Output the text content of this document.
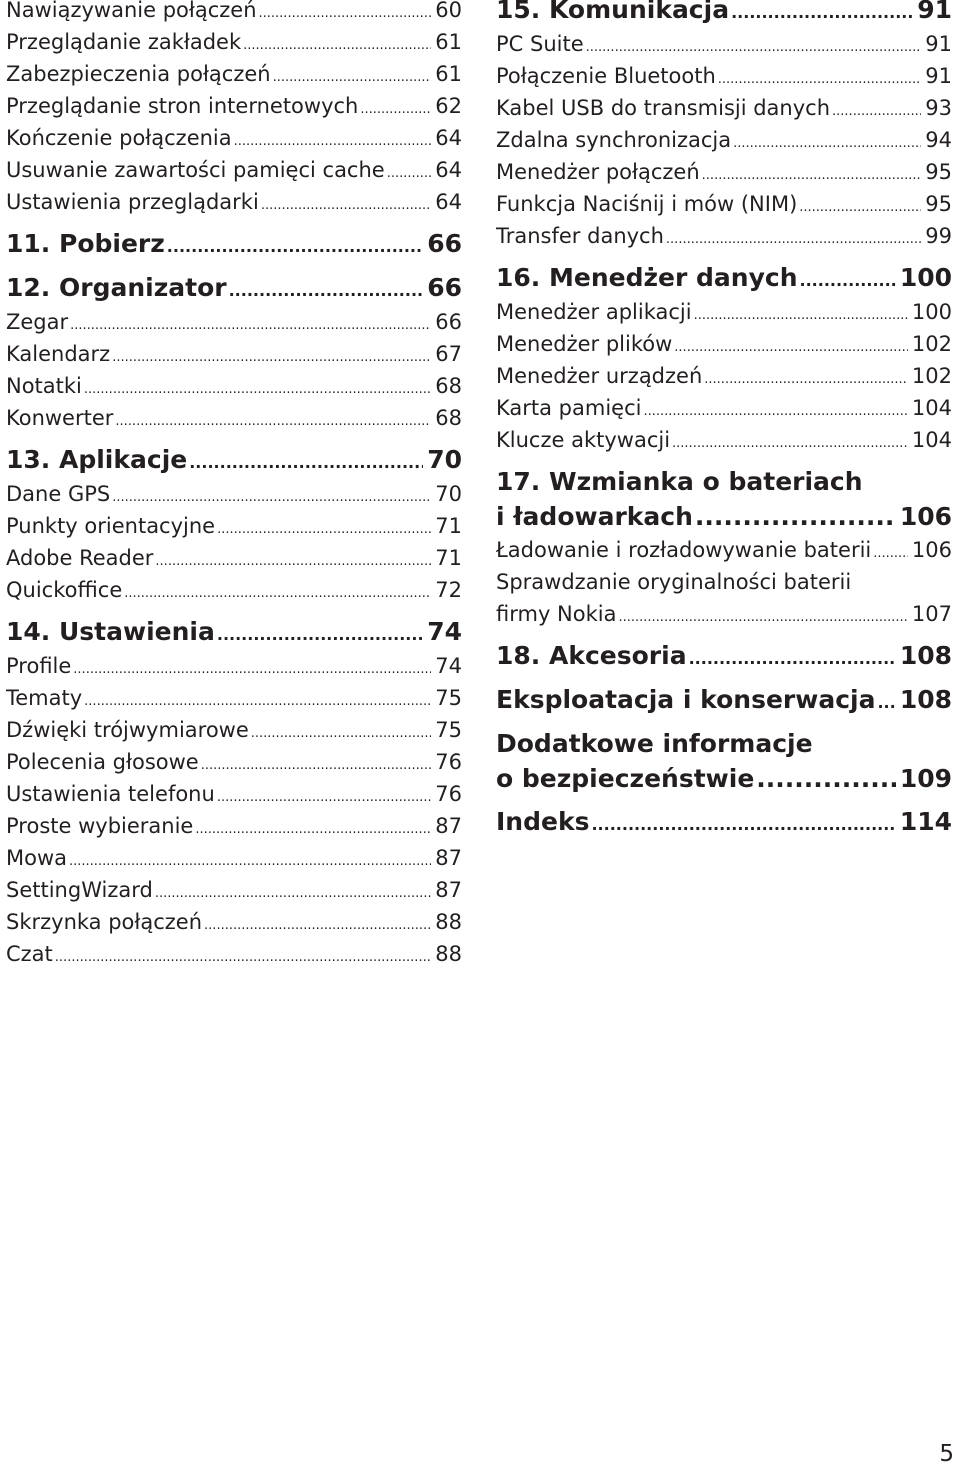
Nawiązywanie połączeń .....	60
Przeglądanie zakładek .....	61
Zabezpieczenia połączeń .....	61
Przeglądanie stron internetowych .....	62
Kończenie połączenia .....	64
Usuwanie zawartości pamięci cache ..... 64
Ustawienia przeglądarki .....	64
11. Pobierz .....	66
12. Organizator .....	66
Zegar .....	66
Kalendarz .....	67
Notatki .....	68
Konwerter .....	68
13. Aplikacje .....	70
Dane GPS .....	70
Punkty orientacyjne .....	71
Adobe Reader .....	71
Quickoffice .....	72
14. Ustawienia .....	74
Profile .....	74
Tematy .....	75
Dźwięki trójwymiarowe .....	75
Polecenia głosowe .....	76
Ustawienia telefonu .....	76
Proste wybieranie .....	87
Mowa .....	87
SettingWizard .....	87
Skrzynka połączeń .....	88
Czat .....	88
15. Komunikacja .....	91
PC Suite .....	91
Połączenie Bluetooth .....	91
Kabel USB do transmisji danych .....	93
Zdalna synchronizacja .....	94
Menedżer połączeń .....	95
Funkcja Naciśnij i mów (NIM) .....	95
Transfer danych .....	99
16. Menedżer danych .....	100
Menedżer aplikacji .....	100
Menedżer plików .....	102
Menedżer urządzeń .....	102
Karta pamięci .....	104
Klucze aktywacji .....	104
17. Wzmianka o bateriach
i ładowarkach .....	106
Ładowanie i rozładowywanie baterii ..... 106
Sprawdzanie oryginalności baterii
firmy Nokia .....	107
18. Akcesoria .....	108
Eksploatacja i konserwacja ..... 108
Dodatkowe informacje
o bezpieczeństwie .....	109
Indeks .....	114
5
